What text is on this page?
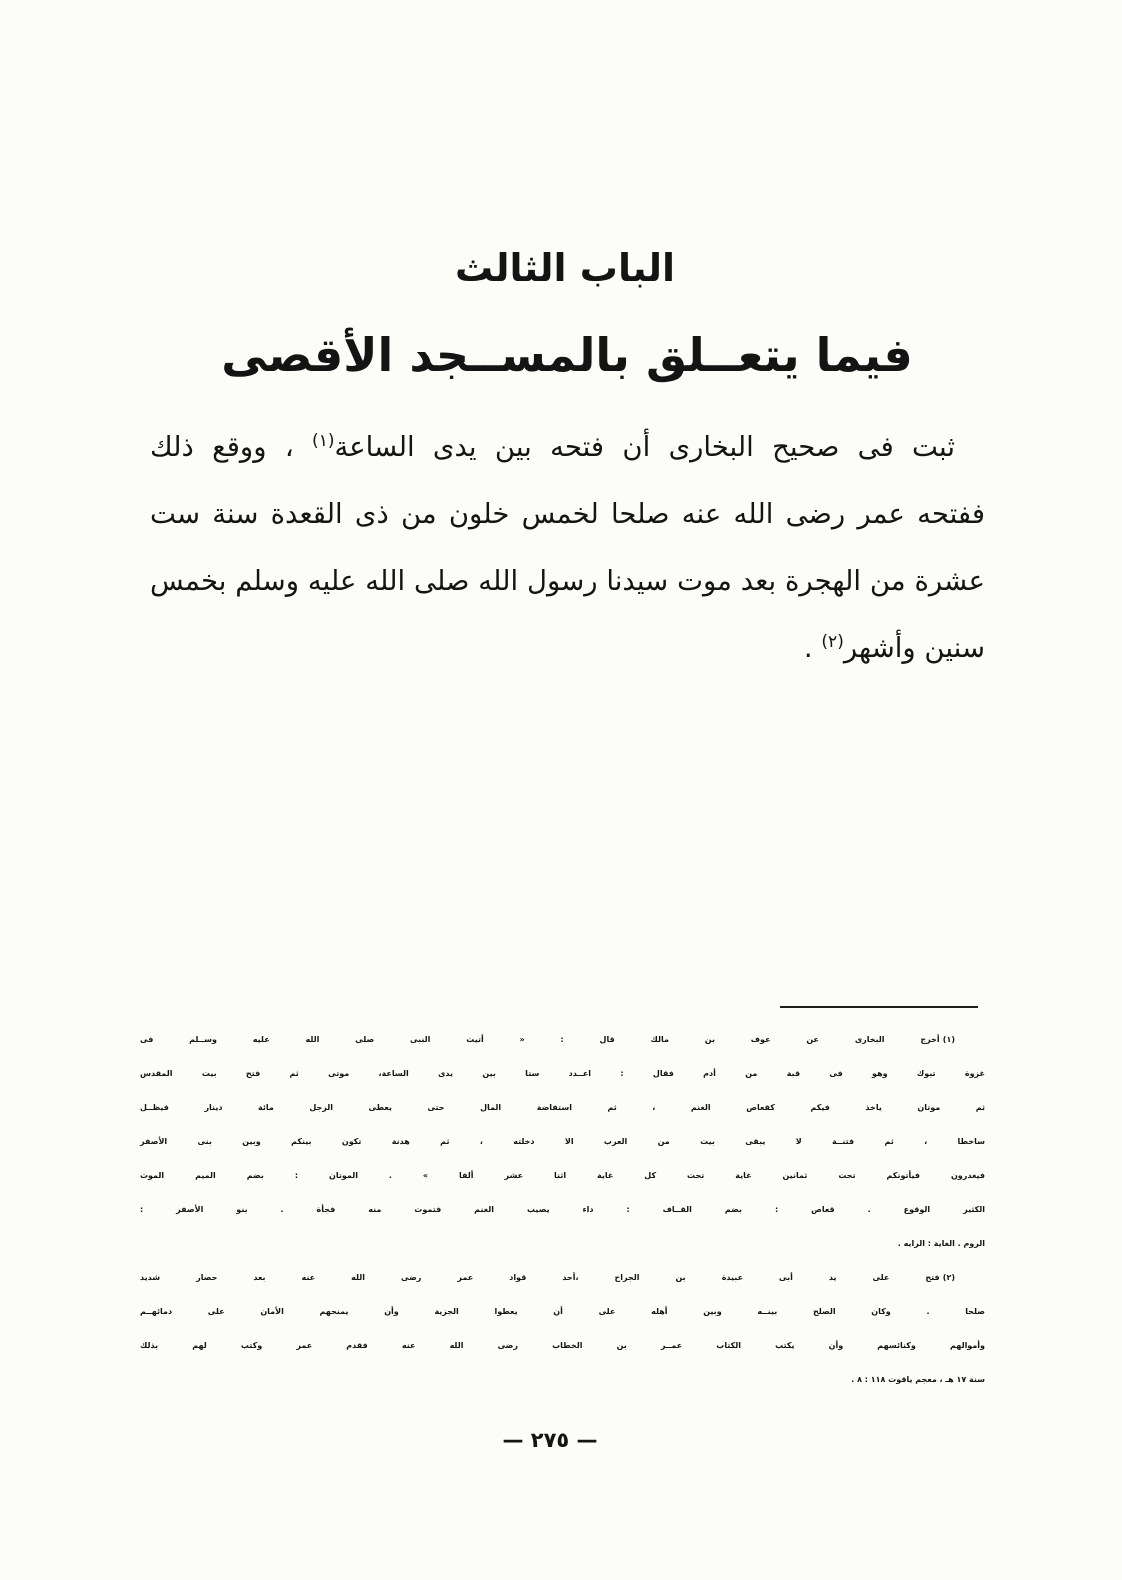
الباب الثالث
فيما يتعــلق بالمســجد الأقصى
ثبت فى صحيح البخارى أن فتحه بين يدى الساعة$^{(١)}$ ، ووقع ذلك
ففتحه عمر رضى الله عنه صلحا لخمس خلون من ذى القعدة سنة ست
عشرة من الهجرة بعد موت سيدنا رسول الله صلى الله عليه وسلم بخمس
سنين وأشهر$^{(٢)}$ .
(١)أخرج البخارى عن عوف بن مالك قال : « أتيت النبى صلى الله عليه وســلم فى
غزوة تبوك وهو فى قبة من أدم فقال : اعــدد ستا بين يدى الساعة، موتى ثم فتح بيت المقدس
ثم موتان ياخذ فيكم كقعاص الغنم ، ثم استفاضة المال حتى يعطى الرجل مائة دينار فيظــل
ساخطا ، ثم فتنــة لا يبقى بيت من العرب الا دخلته ، ثم هدنة تكون بينكم وبين بنى الأصفر
فيغدرون فيأتونكم تحت ثمانين غاية تحت كل غاية اثنا عشر ألفا » . الموتان : بضم الميم الموت
الكثير الوقوع . قعاص : بضم القــاف : داء يصيب الغنم فتموت منه فجأة . بنو الأصفر :
الروم . الغاية : الرايه .
(٢)فتح على يد أبى عبيدة بن الجراح ،أحد قواد عمر رضى الله عنه بعد حصار شديد
صلحا . وكان الصلح بينــه وبين أهله على أن يعطوا الجزية وأن يمنحهم الأمان على دمائهــم
وأموالهم وكنائسهم وأن يكتب الكتاب عمــر بن الخطاب رضى الله عنه فقدم عمر وكتب لهم بذلك
سنة ١٧ هـ ، معجم ياقوت ١١٨ : ٨ .
— ٢٧٥ —
